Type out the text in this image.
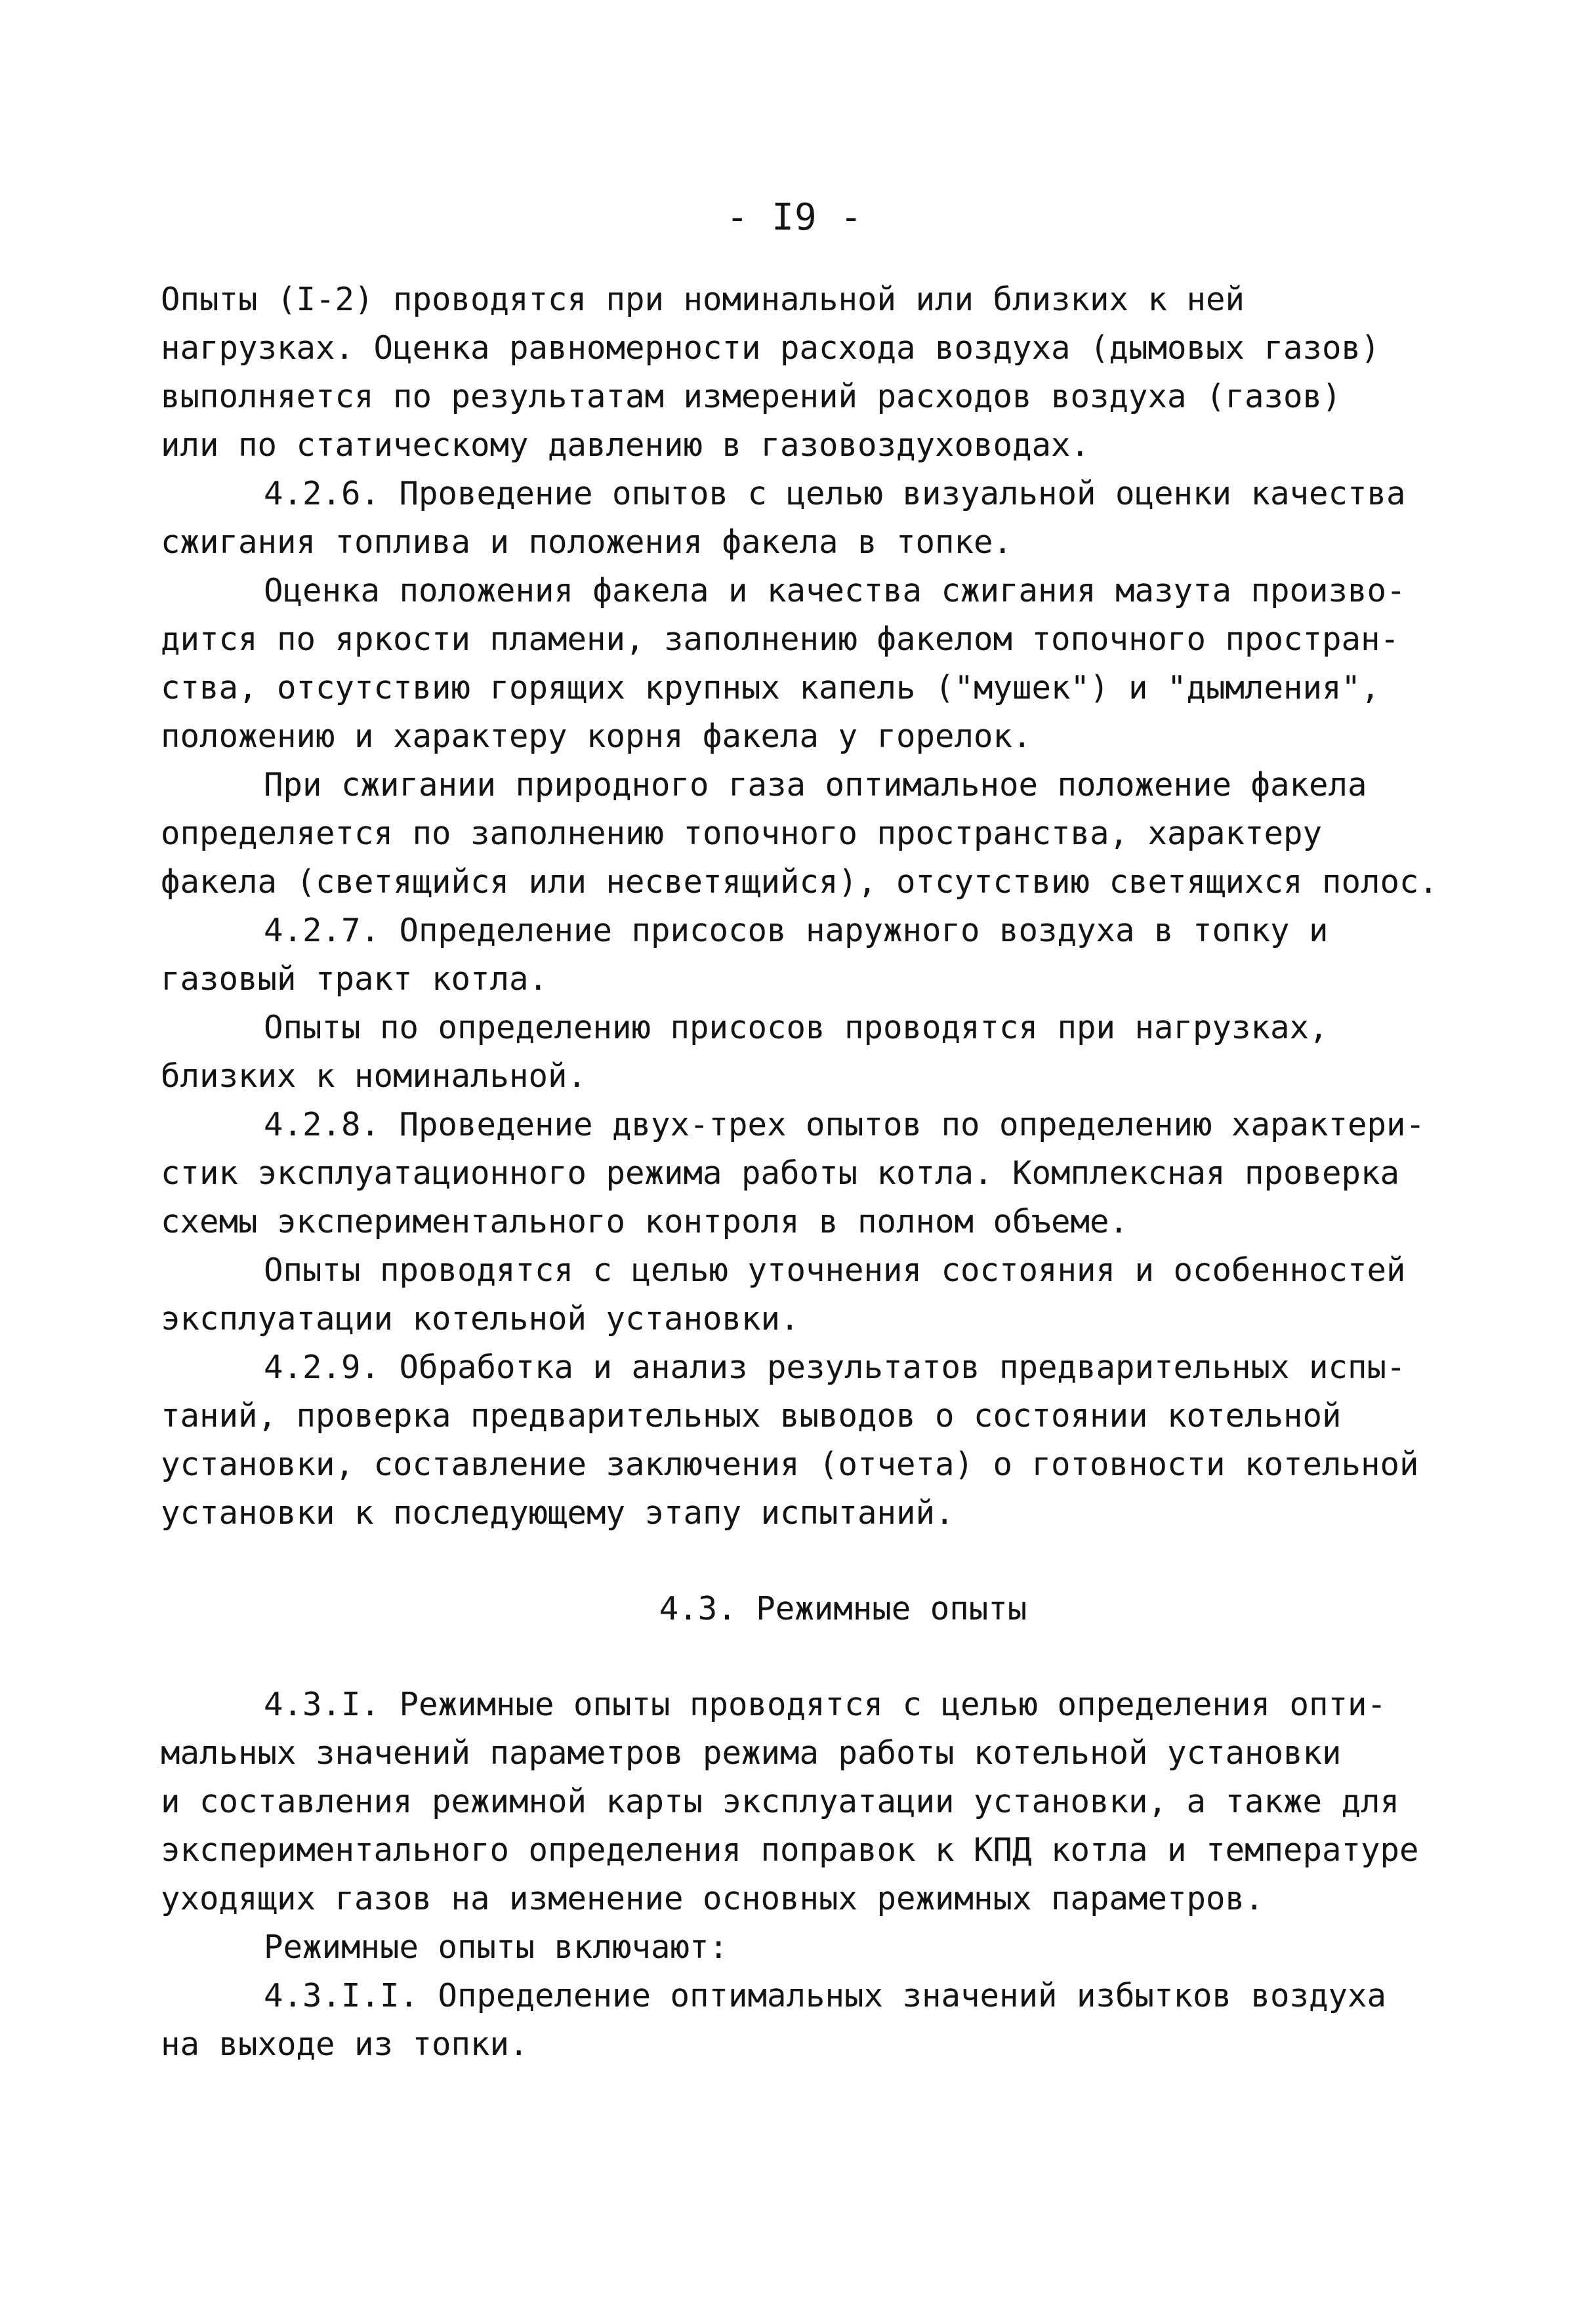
- I9 -
Опыты (I-2) проводятся при номинальной или близких к ней
нагрузках. Оценка равномерности расхода воздуха (дымовых газов)
выполняется по результатам измерений расходов воздуха (газов)
или по статическому давлению в газовоздуховодах.
4.2.6. Проведение опытов с целью визуальной оценки качества
сжигания топлива и положения факела в топке.
Оценка положения факела и качества сжигания мазута произво-
дится по яркости пламени, заполнению факелом топочного простран-
ства, отсутствию горящих крупных капель ("мушек") и "дымления",
положению и характеру корня факела у горелок.
При сжигании природного газа оптимальное положение факела
определяется по заполнению топочного пространства, характеру
факела (светящийся или несветящийся), отсутствию светящихся полос.
4.2.7. Определение присосов наружного воздуха в топку и
газовый тракт котла.
Опыты по определению присосов проводятся при нагрузках,
близких к номинальной.
4.2.8. Проведение двух-трех опытов по определению характери-
стик эксплуатационного режима работы котла. Комплексная проверка
схемы экспериментального контроля в полном объеме.
Опыты проводятся с целью уточнения состояния и особенностей
эксплуатации котельной установки.
4.2.9. Обработка и анализ результатов предварительных испы-
таний, проверка предварительных выводов о состоянии котельной
установки, составление заключения (отчета) о готовности котельной
установки к последующему этапу испытаний.
4.3. Режимные опыты
4.3.I. Режимные опыты проводятся с целью определения опти-
мальных значений параметров режима работы котельной установки
и составления режимной карты эксплуатации установки, а также для
экспериментального определения поправок к КПД котла и температуре
уходящих газов на изменение основных режимных параметров.
Режимные опыты включают:
4.3.I.I. Определение оптимальных значений избытков воздуха
на выходе из топки.
